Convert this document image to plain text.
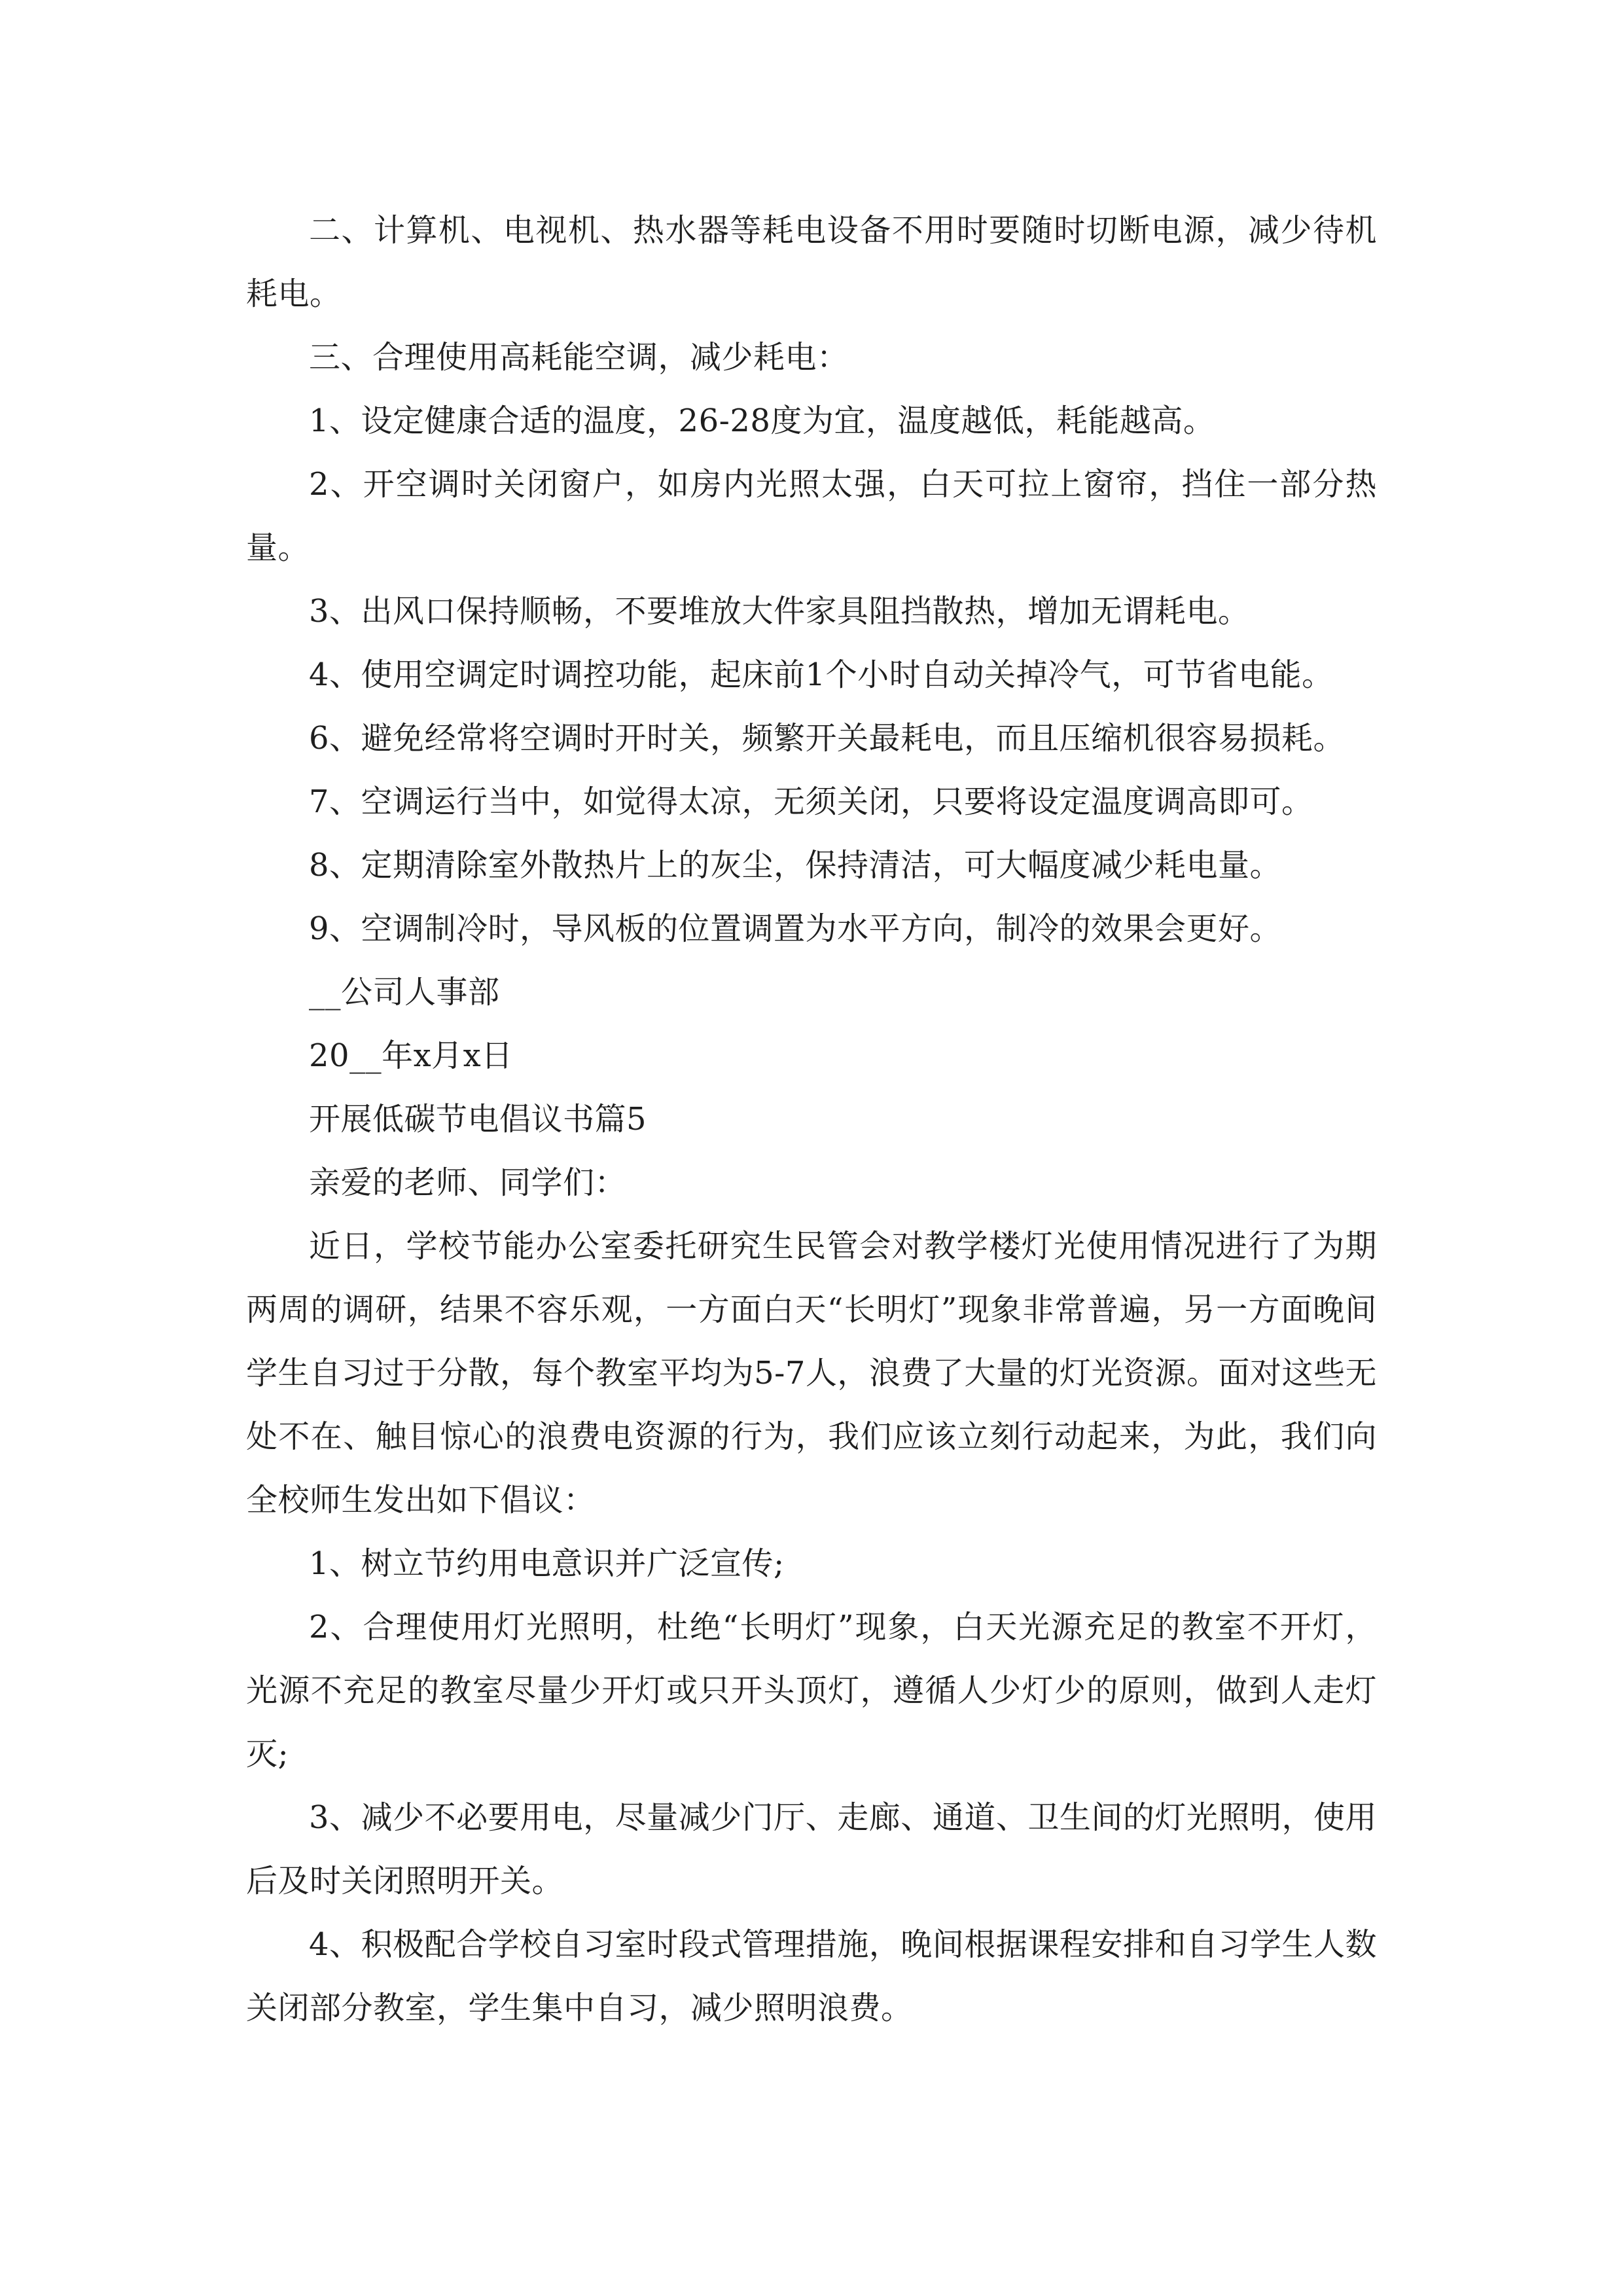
二、计算机、电视机、热水器等耗电设备不用时要随时切断电源，减少待机耗电。

三、合理使用高耗能空调，减少耗电：

1、设定健康合适的温度，26-28度为宜，温度越低，耗能越高。

2、开空调时关闭窗户，如房内光照太强，白天可拉上窗帘，挡住一部分热量。

3、出风口保持顺畅，不要堆放大件家具阻挡散热，增加无谓耗电。

4、使用空调定时调控功能，起床前1个小时自动关掉冷气，可节省电能。

6、避免经常将空调时开时关，频繁开关最耗电，而且压缩机很容易损耗。

7、空调运行当中，如觉得太凉，无须关闭，只要将设定温度调高即可。

8、定期清除室外散热片上的灰尘，保持清洁，可大幅度减少耗电量。

9、空调制冷时，导风板的位置调置为水平方向，制冷的效果会更好。

__公司人事部

20__年x月x日

开展低碳节电倡议书篇5

亲爱的老师、同学们：

近日，学校节能办公室委托研究生民管会对教学楼灯光使用情况进行了为期两周的调研，结果不容乐观，一方面白天“长明灯”现象非常普遍，另一方面晚间学生自习过于分散，每个教室平均为5-7人，浪费了大量的灯光资源。面对这些无处不在、触目惊心的浪费电资源的行为，我们应该立刻行动起来，为此，我们向全校师生发出如下倡议：

1、树立节约用电意识并广泛宣传;

2、合理使用灯光照明，杜绝“长明灯”现象，白天光源充足的教室不开灯，光源不充足的教室尽量少开灯或只开头顶灯，遵循人少灯少的原则，做到人走灯灭;

3、减少不必要用电，尽量减少门厅、走廊、通道、卫生间的灯光照明，使用后及时关闭照明开关。

4、积极配合学校自习室时段式管理措施，晚间根据课程安排和自习学生人数关闭部分教室，学生集中自习，减少照明浪费。
